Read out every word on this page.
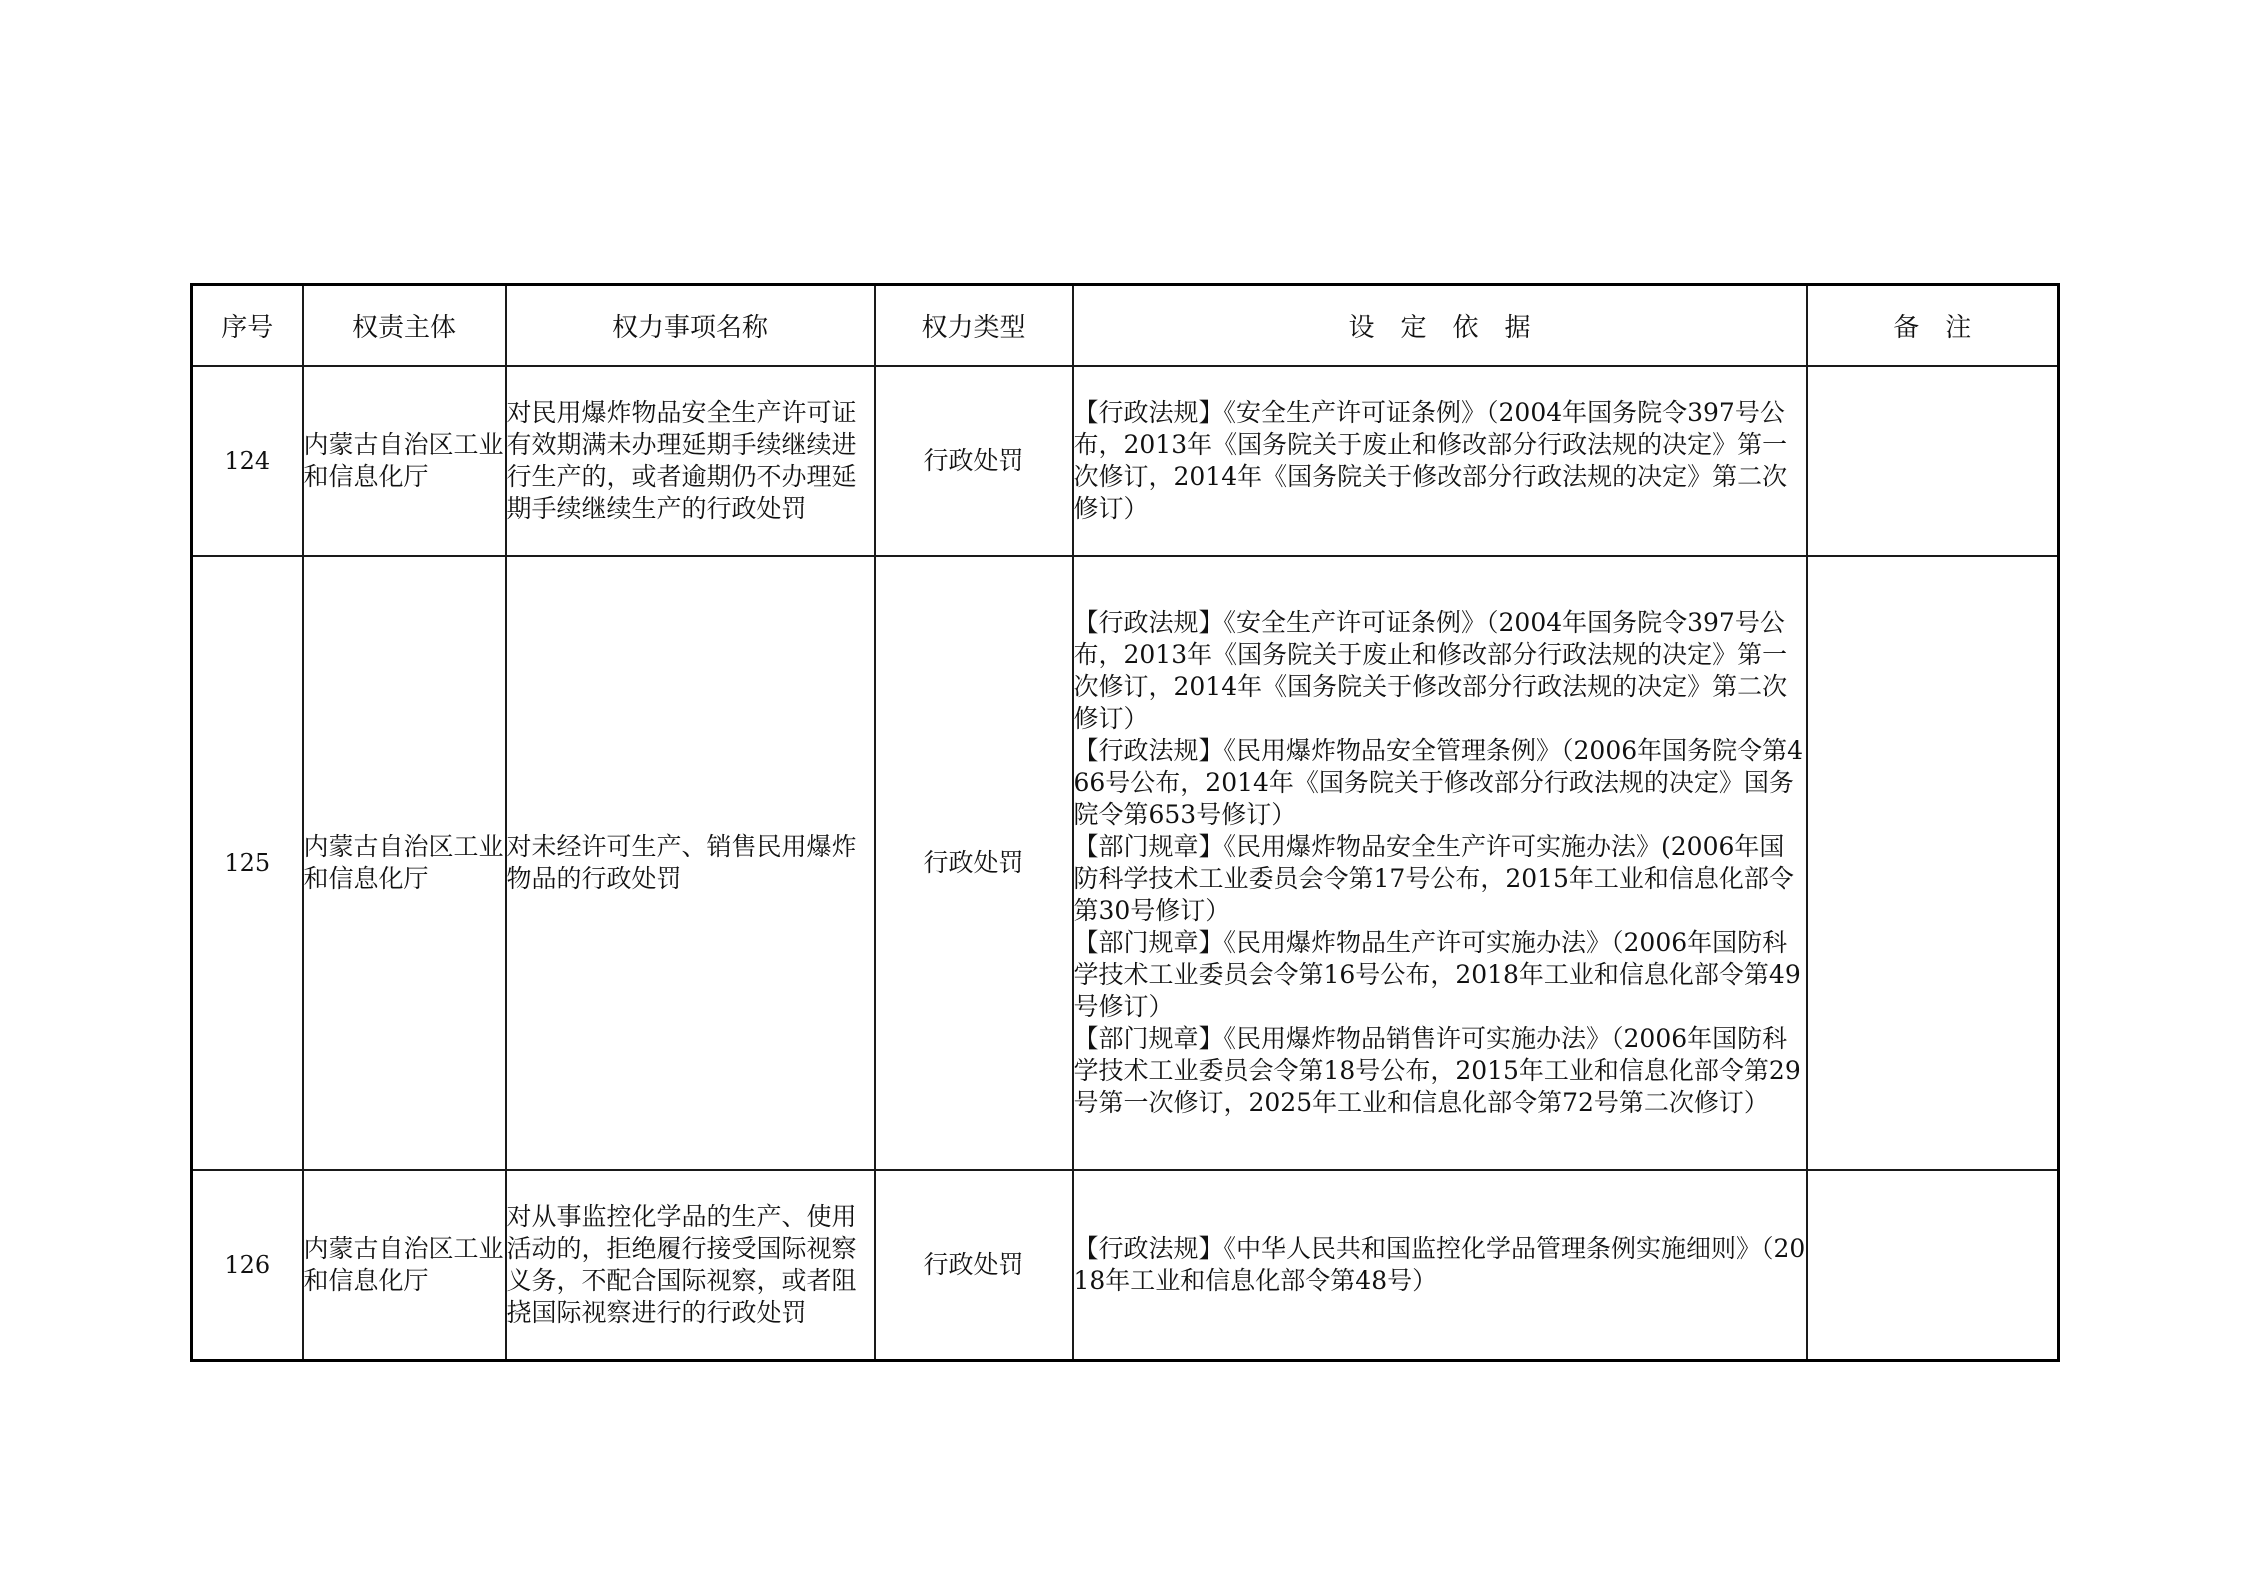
序号	权责主体	权力事项名称	权力类型	设　定　依　据	备　注
124	内蒙古自治区工业和信息化厅	对民用爆炸物品安全生产许可证有效期满未办理延期手续继续进行生产的，或者逾期仍不办理延期手续继续生产的行政处罚	行政处罚	【行政法规】《安全生产许可证条例》（2004年国务院令397号公布，2013年《国务院关于废止和修改部分行政法规的决定》第一次修订，2014年《国务院关于修改部分行政法规的决定》第二次修订）	

125	内蒙古自治区工业和信息化厅	对未经许可生产、销售民用爆炸物品的行政处罚	行政处罚	【行政法规】《安全生产许可证条例》（2004年国务院令397号公布，2013年《国务院关于废止和修改部分行政法规的决定》第一次修订，2014年《国务院关于修改部分行政法规的决定》第二次修订）
【行政法规】《民用爆炸物品安全管理条例》（2006年国务院令第466号公布，2014年《国务院关于修改部分行政法规的决定》国务院令第653号修订）
【部门规章】《民用爆炸物品安全生产许可实施办法》(2006年国防科学技术工业委员会令第17号公布，2015年工业和信息化部令第30号修订）
【部门规章】《民用爆炸物品生产许可实施办法》（2006年国防科学技术工业委员会令第16号公布，2018年工业和信息化部令第49号修订）
【部门规章】《民用爆炸物品销售许可实施办法》（2006年国防科学技术工业委员会令第18号公布，2015年工业和信息化部令第29号第一次修订，2025年工业和信息化部令第72号第二次修订）	

126	内蒙古自治区工业和信息化厅	对从事监控化学品的生产、使用活动的，拒绝履行接受国际视察义务，不配合国际视察，或者阻挠国际视察进行的行政处罚	行政处罚	【行政法规】《中华人民共和国监控化学品管理条例实施细则》（2018年工业和信息化部令第48号）	
